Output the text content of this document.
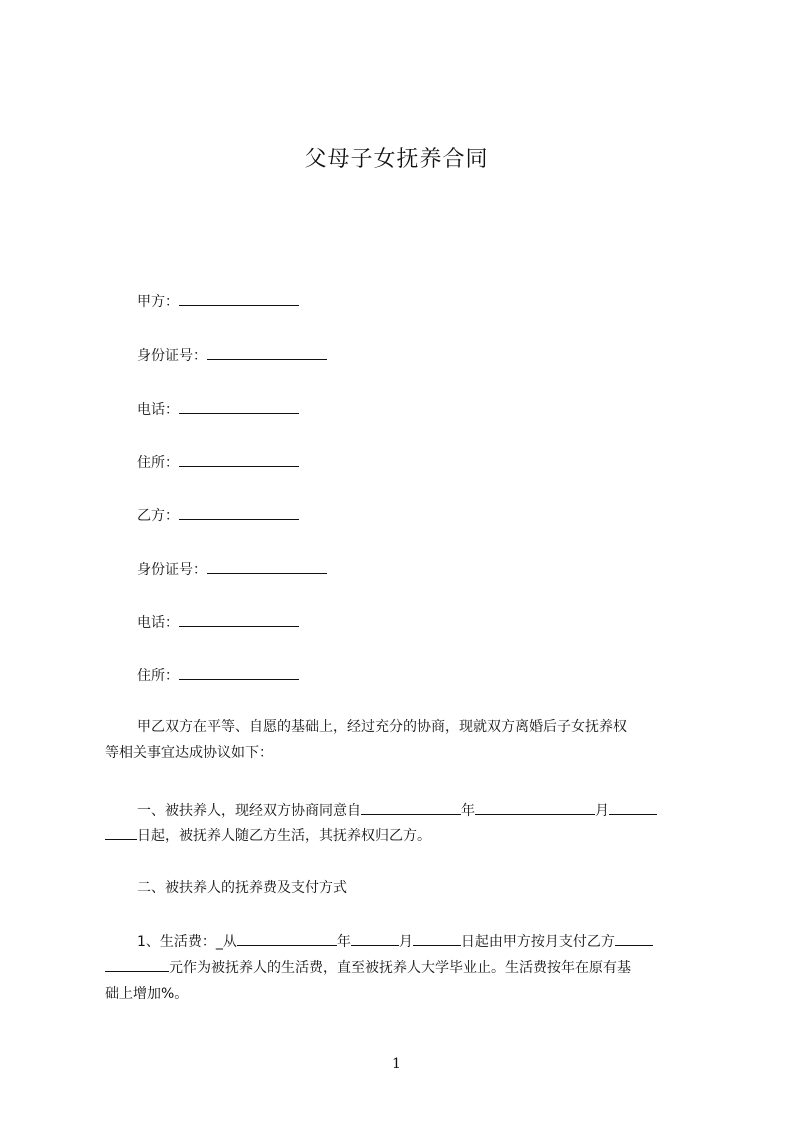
父母子女抚养合同
甲方：
身份证号：
电话：
住所：
乙方：
身份证号：
电话：
住所：
甲乙双方在平等、自愿的基础上，经过充分的协商，现就双方离婚后子女抚养权
等相关事宜达成协议如下：
一、被扶养人，现经双方协商同意自	年	月
日起，被抚养人随乙方生活，其抚养权归乙方。
二、被扶养人的抚养费及支付方式
1、生活费：_从	年	月	日起由甲方按月支付乙方
元作为被抚养人的生活费，直至被抚养人大学毕业止。生活费按年在原有基
础上增加%。
1
